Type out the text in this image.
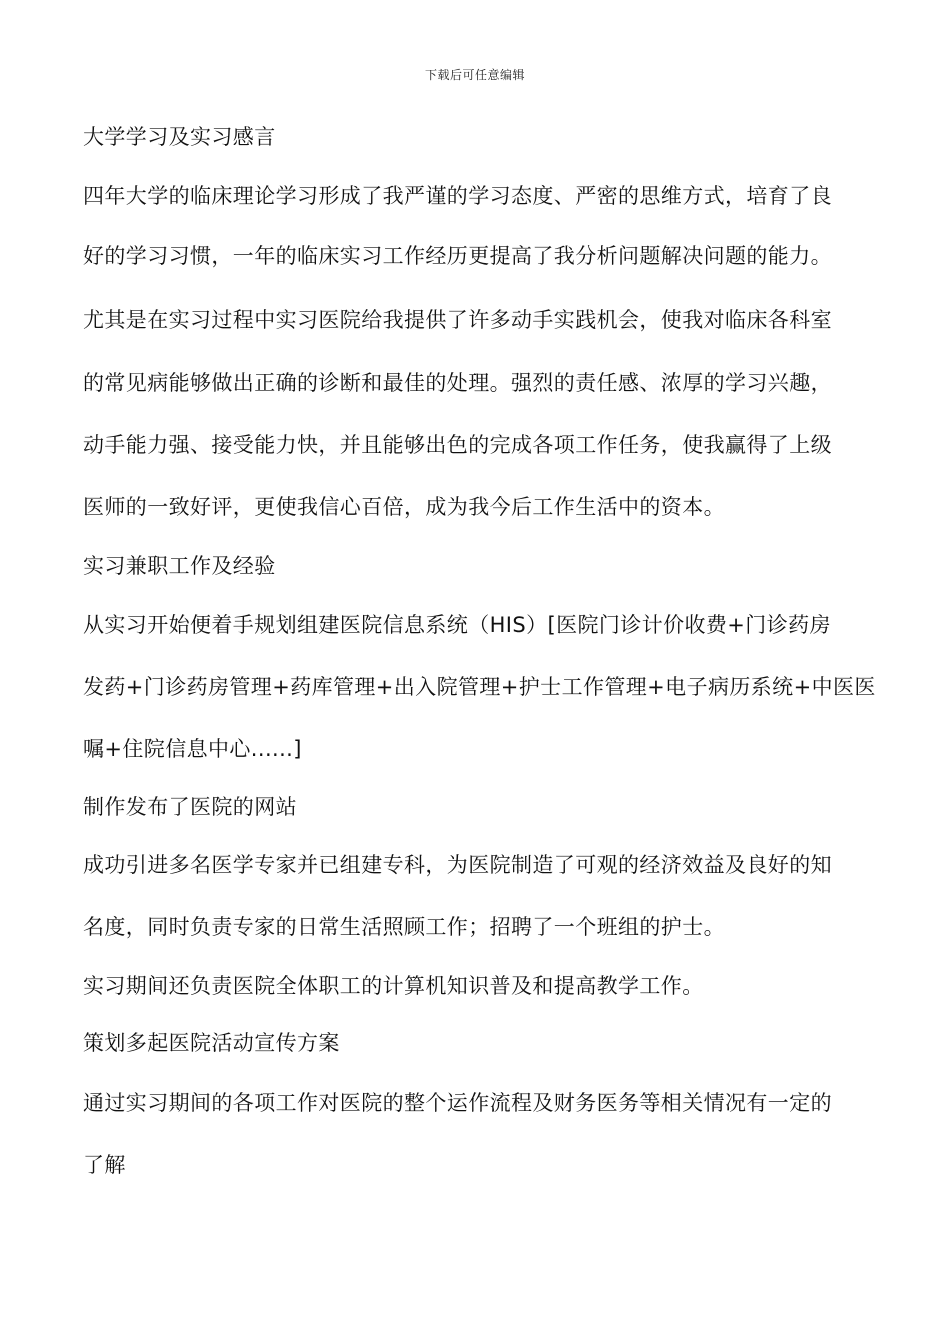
下载后可任意编辑
大学学习及实习感言
四年大学的临床理论学习形成了我严谨的学习态度、严密的思维方式，培育了良
好的学习习惯，一年的临床实习工作经历更提高了我分析问题解决问题的能力。
尤其是在实习过程中实习医院给我提供了许多动手实践机会，使我对临床各科室
的常见病能够做出正确的诊断和最佳的处理。强烈的责任感、浓厚的学习兴趣，
动手能力强、接受能力快，并且能够出色的完成各项工作任务，使我赢得了上级
医师的一致好评，更使我信心百倍，成为我今后工作生活中的资本。
实习兼职工作及经验
从实习开始便着手规划组建医院信息系统（HIS）[医院门诊计价收费+门诊药房
发药+门诊药房管理+药库管理+出入院管理+护士工作管理+电子病历系统+中医医
嘱+住院信息中心......]
制作发布了医院的网站
成功引进多名医学专家并已组建专科，为医院制造了可观的经济效益及良好的知
名度，同时负责专家的日常生活照顾工作；招聘了一个班组的护士。
实习期间还负责医院全体职工的计算机知识普及和提高教学工作。
策划多起医院活动宣传方案
通过实习期间的各项工作对医院的整个运作流程及财务医务等相关情况有一定的
了解
